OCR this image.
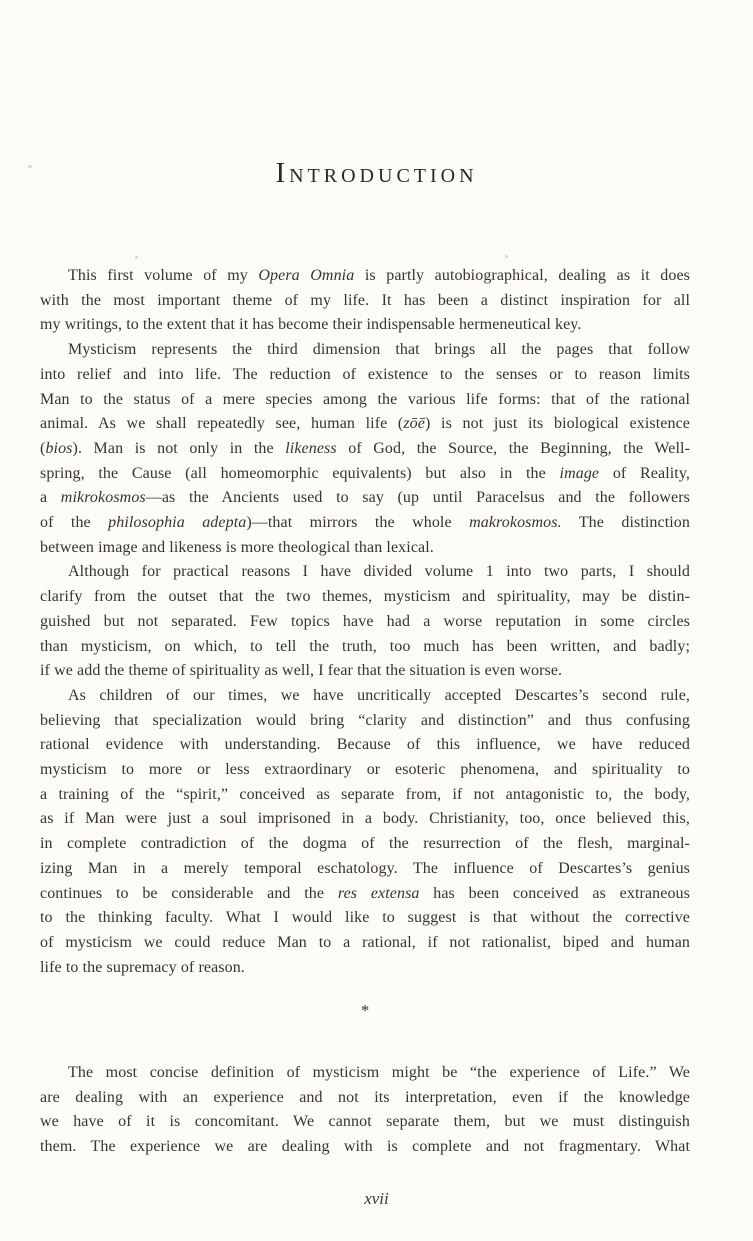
Introduction
This first volume of my Opera Omnia is partly autobiographical, dealing as it does
with the most important theme of my life. It has been a distinct inspiration for all
my writings, to the extent that it has become their indispensable hermeneutical key.
Mysticism represents the third dimension that brings all the pages that follow
into relief and into life. The reduction of existence to the senses or to reason limits
Man to the status of a mere species among the various life forms: that of the rational
animal. As we shall repeatedly see, human life (zōē) is not just its biological existence
(bios). Man is not only in the likeness of God, the Source, the Beginning, the Well-
spring, the Cause (all homeomorphic equivalents) but also in the image of Reality,
a mikrokosmos—as the Ancients used to say (up until Paracelsus and the followers
of the philosophia adepta)—that mirrors the whole makrokosmos. The distinction
between image and likeness is more theological than lexical.
Although for practical reasons I have divided volume 1 into two parts, I should
clarify from the outset that the two themes, mysticism and spirituality, may be distin-
guished but not separated. Few topics have had a worse reputation in some circles
than mysticism, on which, to tell the truth, too much has been written, and badly;
if we add the theme of spirituality as well, I fear that the situation is even worse.
As children of our times, we have uncritically accepted Descartes’s second rule,
believing that specialization would bring “clarity and distinction” and thus confusing
rational evidence with understanding. Because of this influence, we have reduced
mysticism to more or less extraordinary or esoteric phenomena, and spirituality to
a training of the “spirit,” conceived as separate from, if not antagonistic to, the body,
as if Man were just a soul imprisoned in a body. Christianity, too, once believed this,
in complete contradiction of the dogma of the resurrection of the flesh, marginal-
izing Man in a merely temporal eschatology. The influence of Descartes’s genius
continues to be considerable and the res extensa has been conceived as extraneous
to the thinking faculty. What I would like to suggest is that without the corrective
of mysticism we could reduce Man to a rational, if not rationalist, biped and human
life to the supremacy of reason.
*
The most concise definition of mysticism might be “the experience of Life.” We
are dealing with an experience and not its interpretation, even if the knowledge
we have of it is concomitant. We cannot separate them, but we must distinguish
them. The experience we are dealing with is complete and not fragmentary. What
xvii
